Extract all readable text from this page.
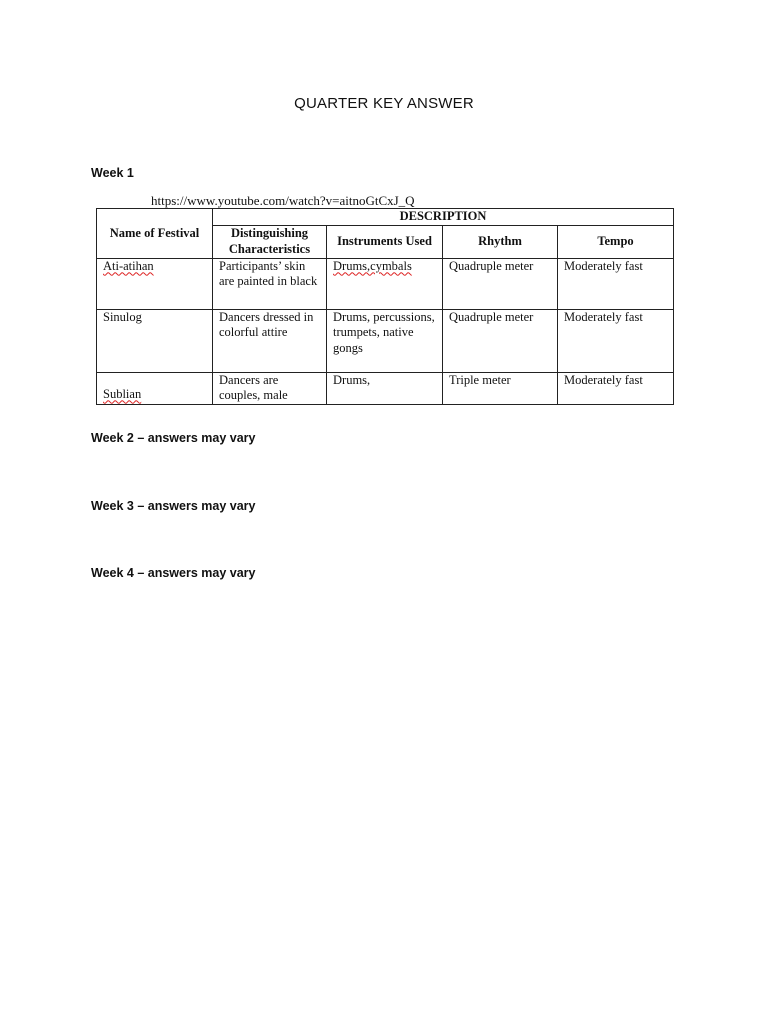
QUARTER KEY ANSWER
Week 1
https://www.youtube.com/watch?v=aitnoGtCxJ_Q
Name of Festival	DESCRIPTION			
	Distinguishing Characteristics	Instruments Used	Rhythm	Tempo
Ati-atihan	Participants’ skin are painted in black	Drums,cymbals	Quadruple meter	Moderately fast
Sinulog	Dancers dressed in colorful attire	Drums, percussions, trumpets, native gongs	Quadruple meter	Moderately fast

Sublian	Dancers are couples, male	Drums,	Triple meter	Moderately fast
Week 2 – answers may vary
Week 3 – answers may vary
Week 4 – answers may vary
